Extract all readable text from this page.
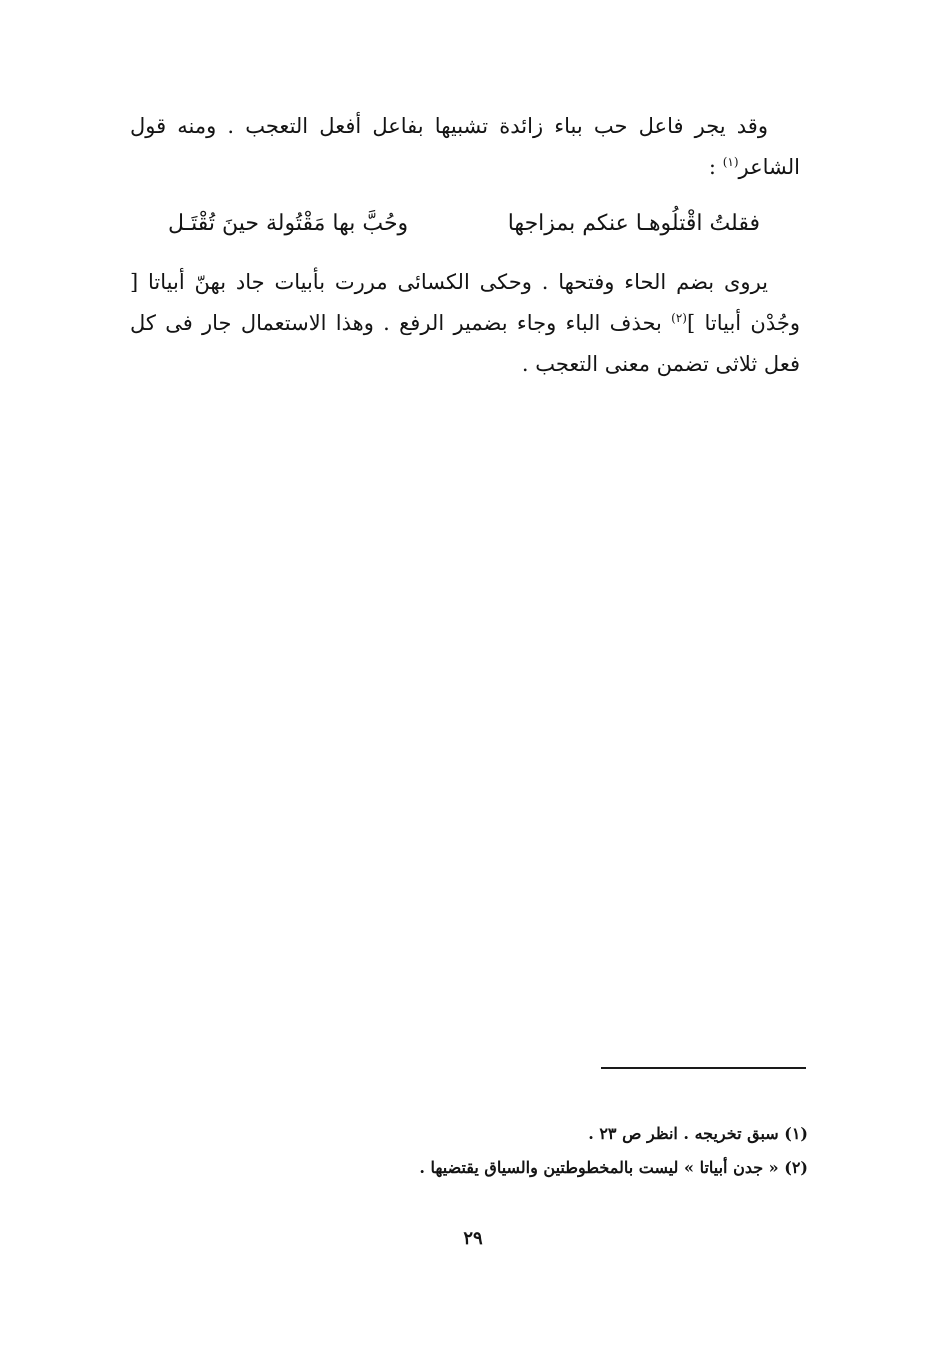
وقد يجر فاعل حب بباء زائدة تشبيها بفاعل أفعل التعجب . ومنه قول الشاعر$^{(١)}$ :

فقلتُ اقْتلُوهـا عنكم بمزاجها
وحُبَّ بها مَقْتُولة حينَ تُقْتَـل

يروى بضم الحاء وفتحها . وحكى الكسائى مررت بأبيات جاد بهنّ أبياتا [ وجُدْن أبياتا ]$^{(٢)}$ بحذف الباء وجاء بضمير الرفع . وهذا الاستعمال جار فى كل فعل ثلاثى تضمن معنى التعجب .

(١) سبق تخريجه . انظر ص ٢٣ .
(٢) « جدن أبياتا » ليست بالمخطوطتين والسياق يقتضيها .
٢٩
